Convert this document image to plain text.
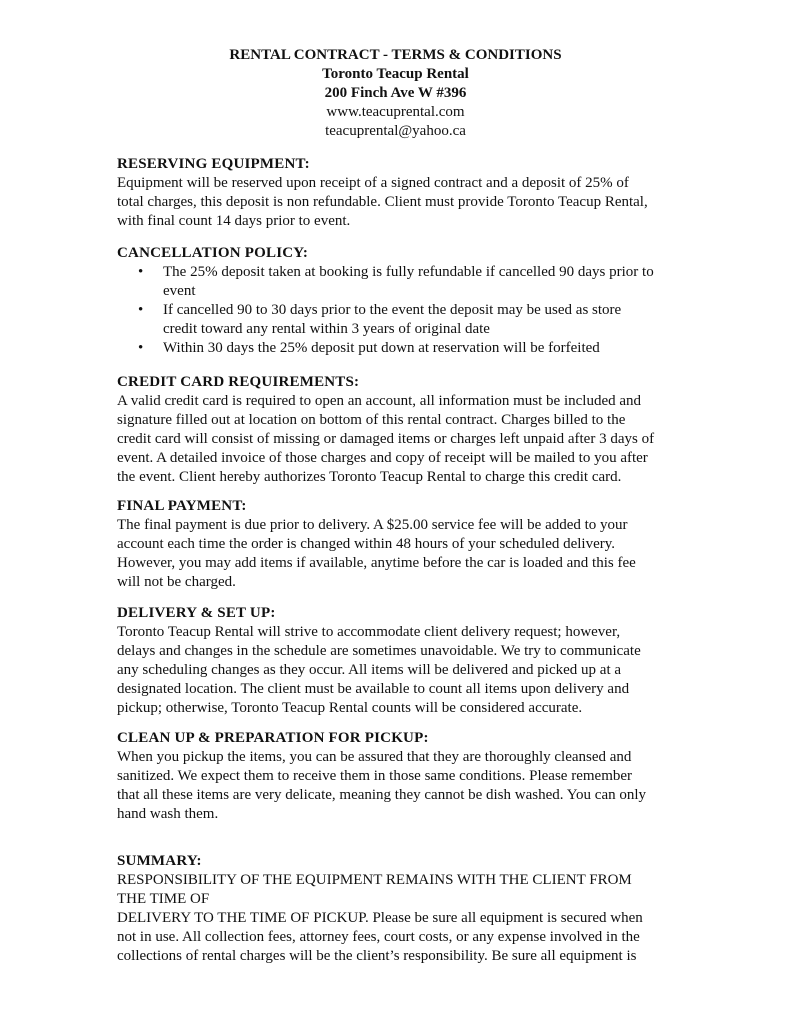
RENTAL CONTRACT - TERMS & CONDITIONS
Toronto Teacup Rental
200 Finch Ave W #396
www.teacuprental.com
teacuprental@yahoo.ca
RESERVING EQUIPMENT:
Equipment will be reserved upon receipt of a signed contract and a deposit of 25% of
total charges, this deposit is non refundable. Client must provide Toronto Teacup Rental,
with final count 14 days prior to event.
CANCELLATION POLICY:
• The 25% deposit taken at booking is fully refundable if cancelled 90 days prior to
event
• If cancelled 90 to 30 days prior to the event the deposit may be used as store
credit toward any rental within 3 years of original date
• Within 30 days the 25% deposit put down at reservation will be forfeited
CREDIT CARD REQUIREMENTS:
A valid credit card is required to open an account, all information must be included and
signature filled out at location on bottom of this rental contract. Charges billed to the
credit card will consist of missing or damaged items or charges left unpaid after 3 days of
event. A detailed invoice of those charges and copy of receipt will be mailed to you after
the event. Client hereby authorizes Toronto Teacup Rental to charge this credit card.
FINAL PAYMENT:
The final payment is due prior to delivery. A $25.00 service fee will be added to your
account each time the order is changed within 48 hours of your scheduled delivery.
However, you may add items if available, anytime before the car is loaded and this fee
will not be charged.
DELIVERY & SET UP:
Toronto Teacup Rental will strive to accommodate client delivery request; however,
delays and changes in the schedule are sometimes unavoidable. We try to communicate
any scheduling changes as they occur. All items will be delivered and picked up at a
designated location. The client must be available to count all items upon delivery and
pickup; otherwise, Toronto Teacup Rental counts will be considered accurate.
CLEAN UP & PREPARATION FOR PICKUP:
When you pickup the items, you can be assured that they are thoroughly cleansed and
sanitized. We expect them to receive them in those same conditions. Please remember
that all these items are very delicate, meaning they cannot be dish washed. You can only
hand wash them.
SUMMARY:
RESPONSIBILITY OF THE EQUIPMENT REMAINS WITH THE CLIENT FROM
THE TIME OF
DELIVERY TO THE TIME OF PICKUP. Please be sure all equipment is secured when
not in use. All collection fees, attorney fees, court costs, or any expense involved in the
collections of rental charges will be the client’s responsibility. Be sure all equipment is
